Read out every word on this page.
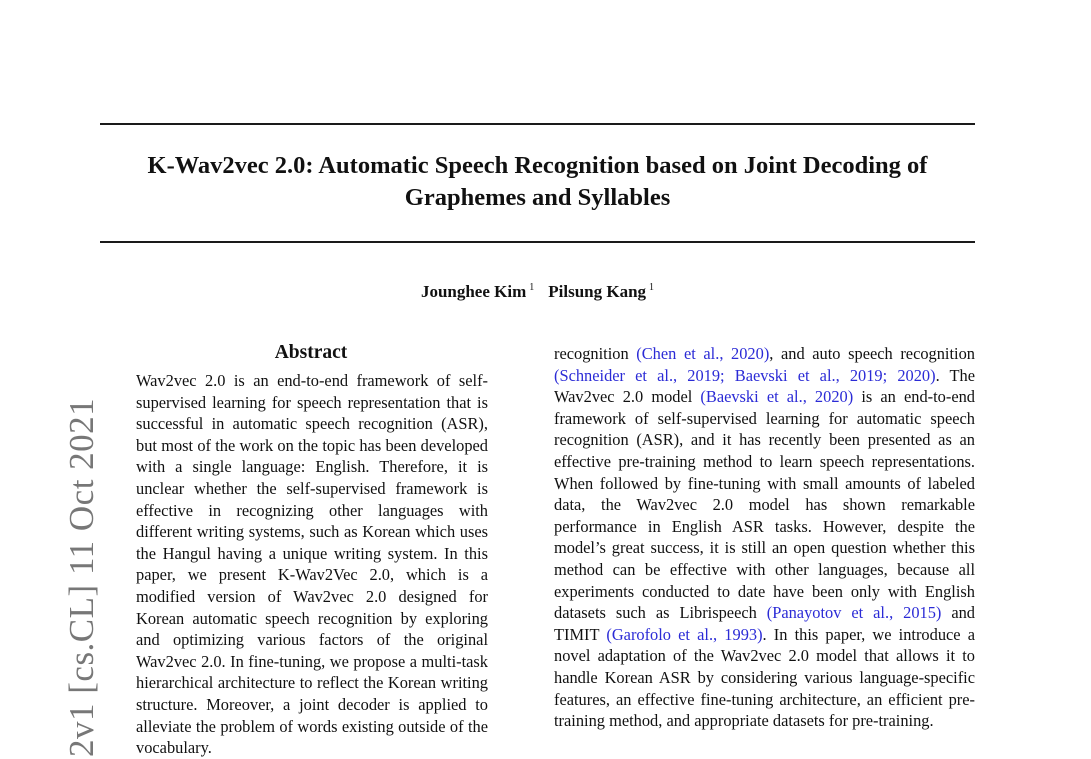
K-Wav2vec 2.0: Automatic Speech Recognition based on Joint Decoding of Graphemes and Syllables

Jounghee Kim $^1$ Pilsung Kang $^1$

2v1 [cs.CL] 11 Oct 2021
Abstract

Wav2vec 2.0 is an end-to-end framework of self-supervised learning for speech representation that is successful in automatic speech recognition (ASR), but most of the work on the topic has been developed with a single language: English. Therefore, it is unclear whether the self-supervised framework is effective in recognizing other languages with different writing systems, such as Korean which uses the Hangul having a unique writing system. In this paper, we present K-Wav2Vec 2.0, which is a modified version of Wav2vec 2.0 designed for Korean automatic speech recognition by exploring and optimizing various factors of the original Wav2vec 2.0. In fine-tuning, we propose a multi-task hierarchical architecture to reflect the Korean writing structure. Moreover, a joint decoder is applied to alleviate the problem of words existing outside of the vocabulary.

recognition (Chen et al., 2020), and auto speech recognition (Schneider et al., 2019; Baevski et al., 2019; 2020). The Wav2vec 2.0 model (Baevski et al., 2020) is an end-to-end framework of self-supervised learning for automatic speech recognition (ASR), and it has recently been presented as an effective pre-training method to learn speech representations. When followed by fine-tuning with small amounts of labeled data, the Wav2vec 2.0 model has shown remarkable performance in English ASR tasks. However, despite the model’s great success, it is still an open question whether this method can be effective with other languages, because all experiments conducted to date have been only with English datasets such as Librispeech (Panayotov et al., 2015) and TIMIT (Garofolo et al., 1993). In this paper, we introduce a novel adaptation of the Wav2vec 2.0 model that allows it to handle Korean ASR by considering various language-specific features, an effective fine-tuning architecture, an efficient pre-training method, and appropriate datasets for pre-training.
